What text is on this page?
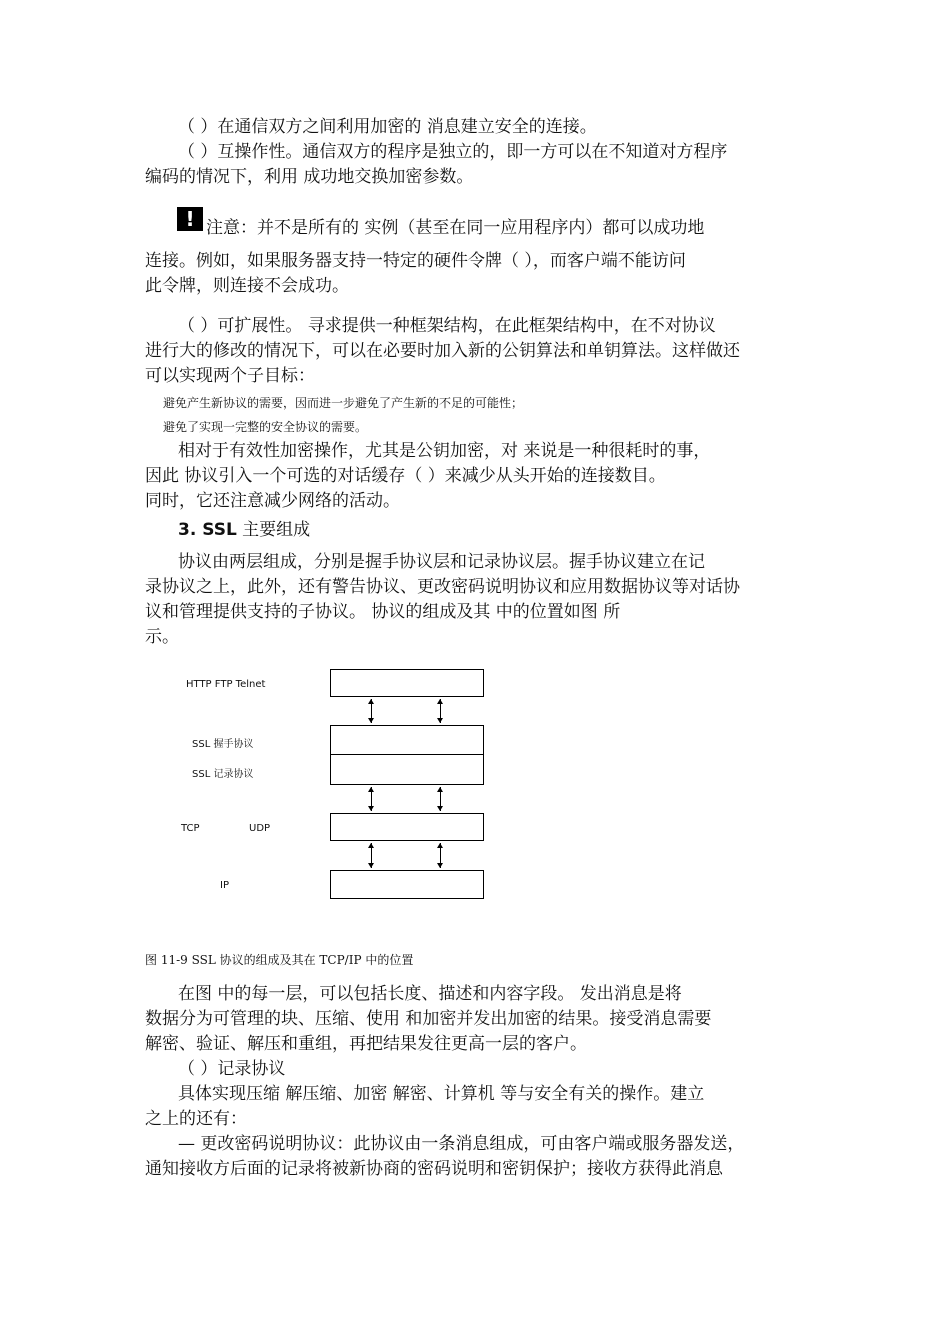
（ ）在通信双方之间利用加密的 消息建立安全的连接。

（ ）互操作性。通信双方的程序是独立的，即一方可以在不知道对方程序

编码的情况下，利用 成功地交换加密参数。

! 注意：并不是所有的 实例（甚至在同一应用程序内）都可以成功地

连接。例如，如果服务器支持一特定的硬件令牌（ ），而客户端不能访问

此令牌，则连接不会成功。

（ ）可扩展性。 寻求提供一种框架结构，在此框架结构中，在不对协议

进行大的修改的情况下，可以在必要时加入新的公钥算法和单钥算法。这样做还

可以实现两个子目标：

避免产生新协议的需要，因而进一步避免了产生新的不足的可能性；

避免了实现一完整的安全协议的需要。

相对于有效性加密操作，尤其是公钥加密，对 来说是一种很耗时的事，

因此 协议引入一个可选的对话缓存（ ）来减少从头开始的连接数目。

同时，它还注意减少网络的活动。

3. SSL 主要组成

协议由两层组成，分别是握手协议层和记录协议层。握手协议建立在记

录协议之上，此外，还有警告协议、更改密码说明协议和应用数据协议等对话协

议和管理提供支持的子协议。 协议的组成及其 中的位置如图 所

示。

HTTP FTP Telnet
SSL 握手协议
SSL 记录协议
TCP	UDP
IP

图 11-9 SSL 协议的组成及其在 TCP/IP 中的位置

在图 中的每一层，可以包括长度、描述和内容字段。 发出消息是将

数据分为可管理的块、压缩、使用 和加密并发出加密的结果。接受消息需要

解密、验证、解压和重组，再把结果发往更高一层的客户。

（ ）记录协议

具体实现压缩 解压缩、加密 解密、计算机 等与安全有关的操作。建立

之上的还有：

— 更改密码说明协议：此协议由一条消息组成，可由客户端或服务器发送，

通知接收方后面的记录将被新协商的密码说明和密钥保护；接收方获得此消息
